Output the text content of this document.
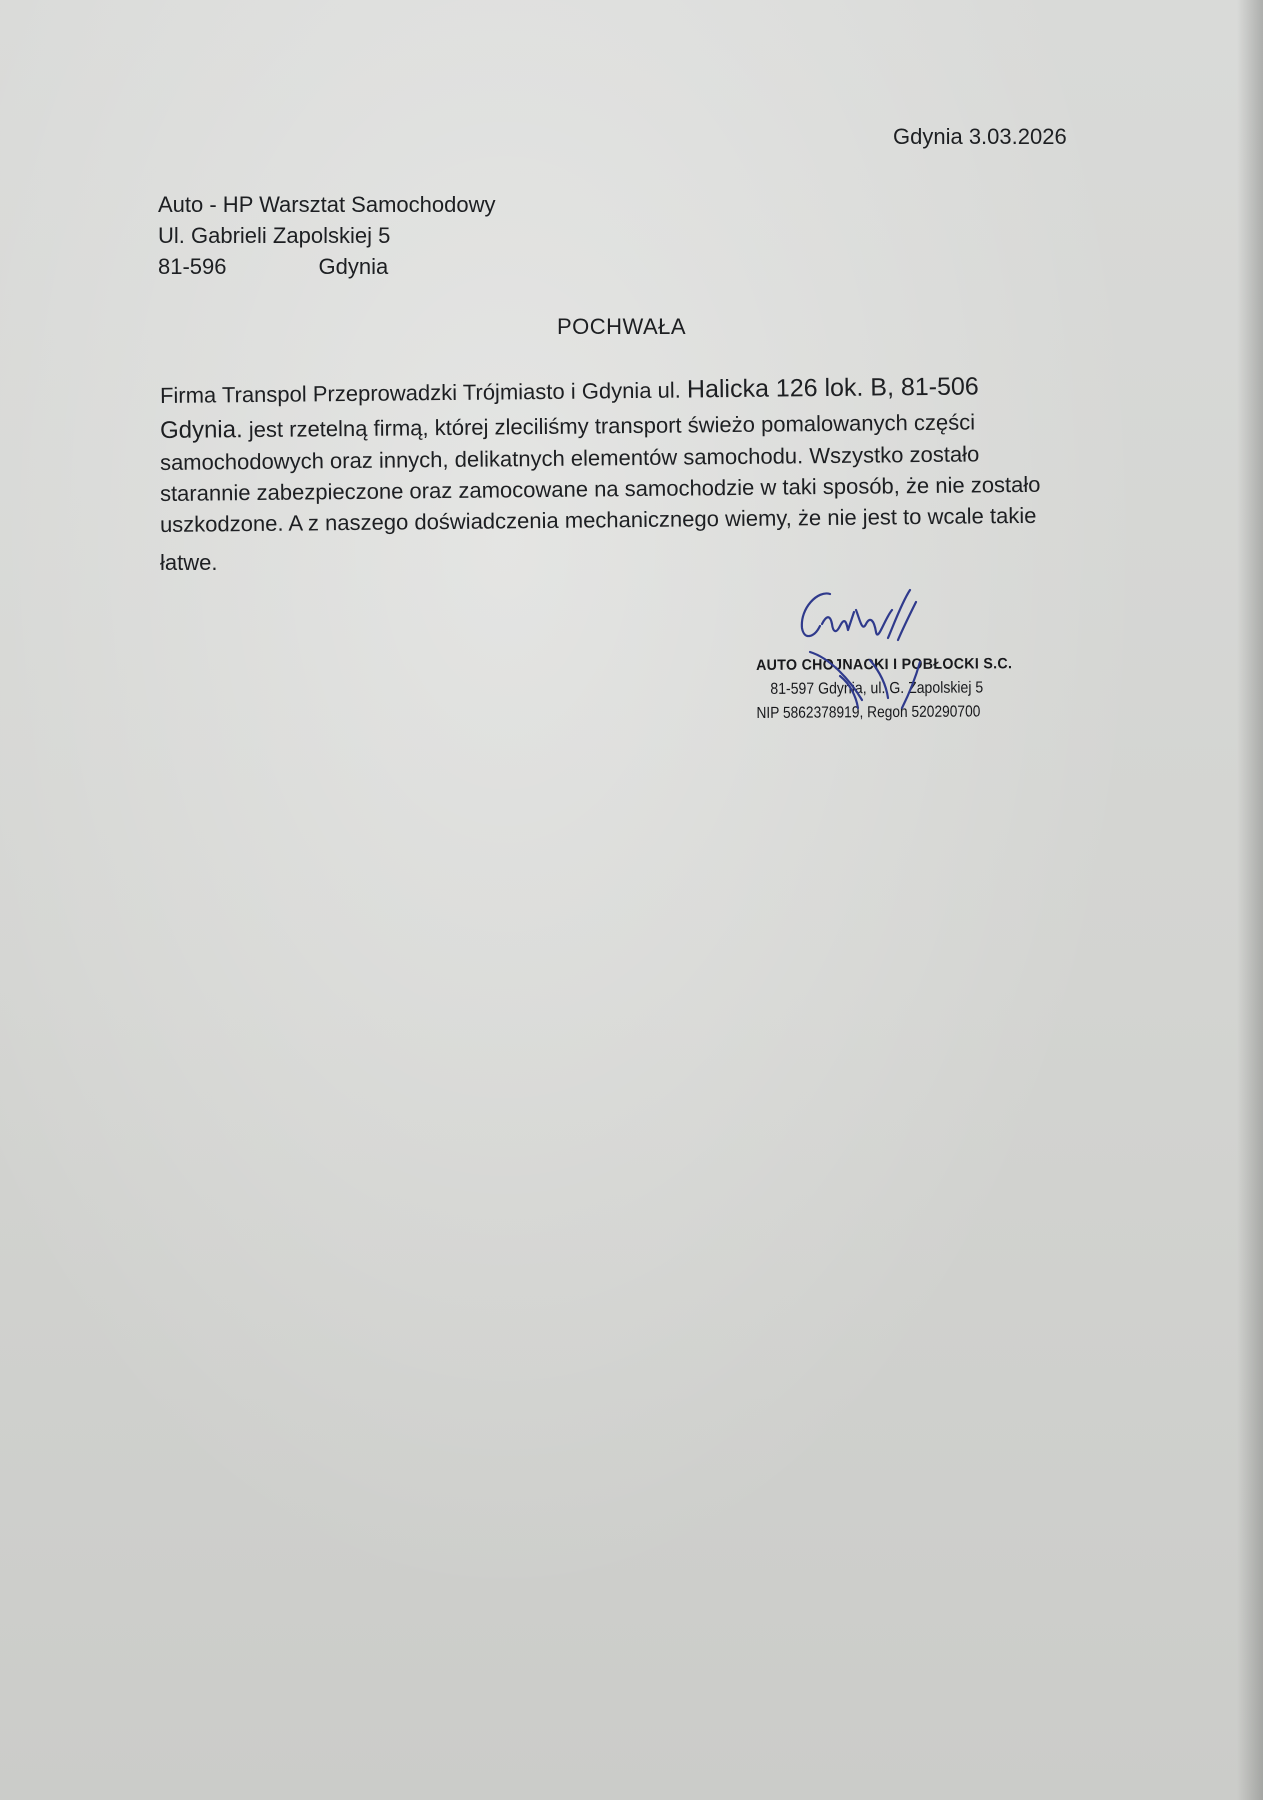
Gdynia 3.03.2026

Auto - HP Warsztat Samochodowy
Ul. Gabrieli Zapolskiej 5
81-596	Gdynia

POCHWAŁA

Firma Transpol Przeprowadzki Trójmiasto i Gdynia ul. Halicka 126 lok. B, 81-506

Gdynia. jest rzetelną firmą, której zleciliśmy transport świeżo pomalowanych części

samochodowych oraz innych, delikatnych elementów samochodu. Wszystko zostało

starannie zabezpieczone oraz zamocowane na samochodzie w taki sposób, że nie zostało

uszkodzone. A z naszego doświadczenia mechanicznego wiemy, że nie jest to wcale takie

łatwe.

AUTO CHOJNACKI I POBŁOCKI S.C.
81-597 Gdynia, ul. G. Zapolskiej 5
NIP 5862378919, Regon 520290700
